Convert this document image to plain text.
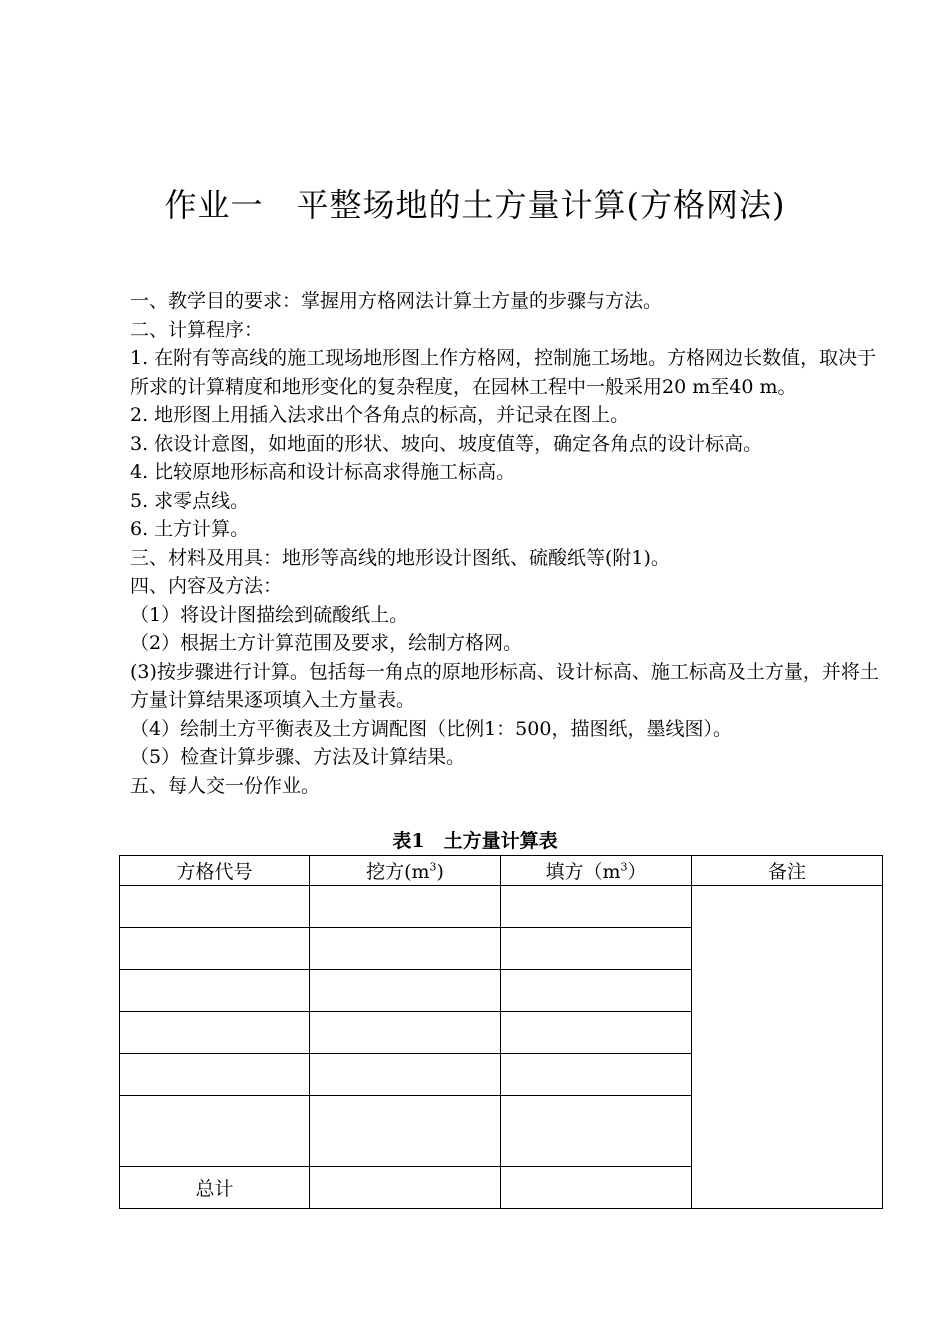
作业一　平整场地的土方量计算(方格网法)
一、教学目的要求：掌握用方格网法计算土方量的步骤与方法。
二、计算程序：
1. 在附有等高线的施工现场地形图上作方格网，控制施工场地。方格网边长数值，取决于所求的计算精度和地形变化的复杂程度，在园林工程中一般采用20 m至40 m。
2. 地形图上用插入法求出个各角点的标高，并记录在图上。
3. 依设计意图，如地面的形状、坡向、坡度值等，确定各角点的设计标高。
4. 比较原地形标高和设计标高求得施工标高。
5. 求零点线。
6. 土方计算。
三、材料及用具：地形等高线的地形设计图纸、硫酸纸等(附1)。
四、内容及方法：
（1）将设计图描绘到硫酸纸上。
（2）根据土方计算范围及要求，绘制方格网。
(3)按步骤进行计算。包括每一角点的原地形标高、设计标高、施工标高及土方量，并将土方量计算结果逐项填入土方量表。
（4）绘制土方平衡表及土方调配图（比例1：500，描图纸，墨线图）。
（5）检查计算步骤、方法及计算结果。
五、每人交一份作业。
表1　土方量计算表
方格代号	挖方$(m^3)$	填方$(m^3)$	备注

总计			
